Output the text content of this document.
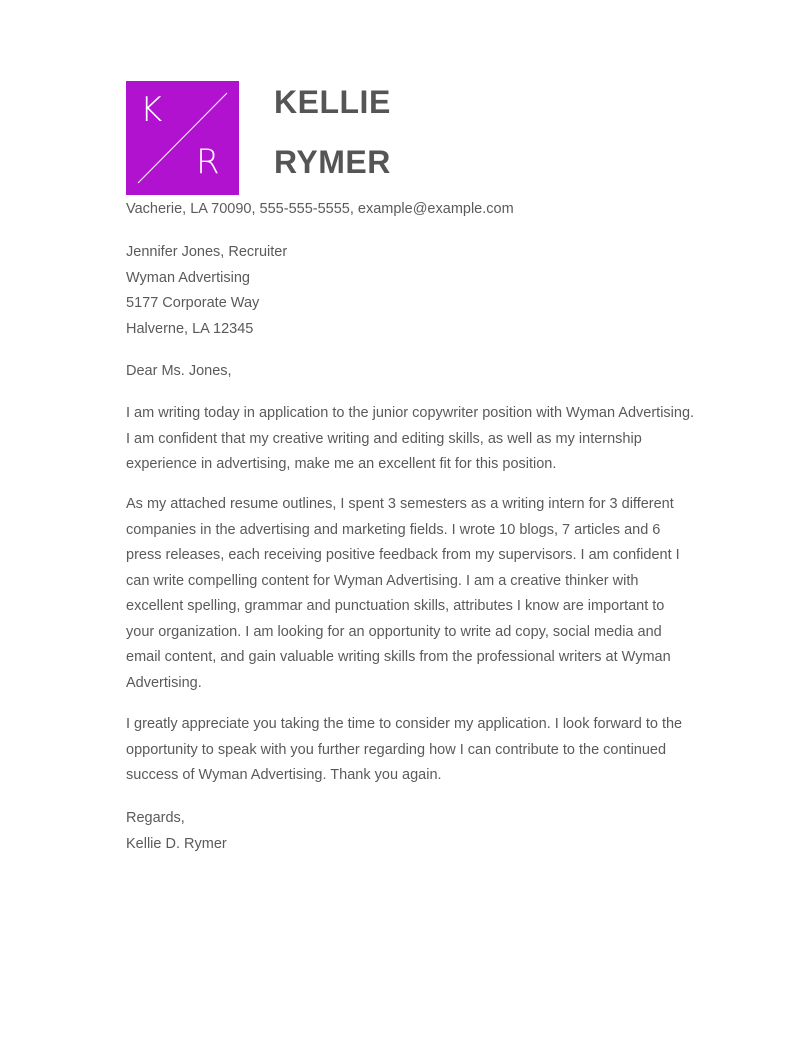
K
R
KELLIE
RYMER
Vacherie, LA 70090, 555-555-5555, example@example.com

Jennifer Jones, Recruiter

Wyman Advertising

5177 Corporate Way

Halverne, LA 12345

Dear Ms. Jones,
I am writing today in application to the junior copywriter position with Wyman Advertising. I am confident that my creative writing and editing skills, as well as my internship experience in advertising, make me an excellent fit for this position.
As my attached resume outlines, I spent 3 semesters as a writing intern for 3 different companies in the advertising and marketing fields. I wrote 10 blogs, 7 articles and 6 press releases, each receiving positive feedback from my supervisors. I am confident I can write compelling content for Wyman Advertising. I am a creative thinker with excellent spelling, grammar and punctuation skills, attributes I know are important to your organization. I am looking for an opportunity to write ad copy, social media and email content, and gain valuable writing skills from the professional writers at Wyman Advertising.
I greatly appreciate you taking the time to consider my application. I look forward to the opportunity to speak with you further regarding how I can contribute to the continued success of Wyman Advertising. Thank you again.

Regards,

Kellie D. Rymer
